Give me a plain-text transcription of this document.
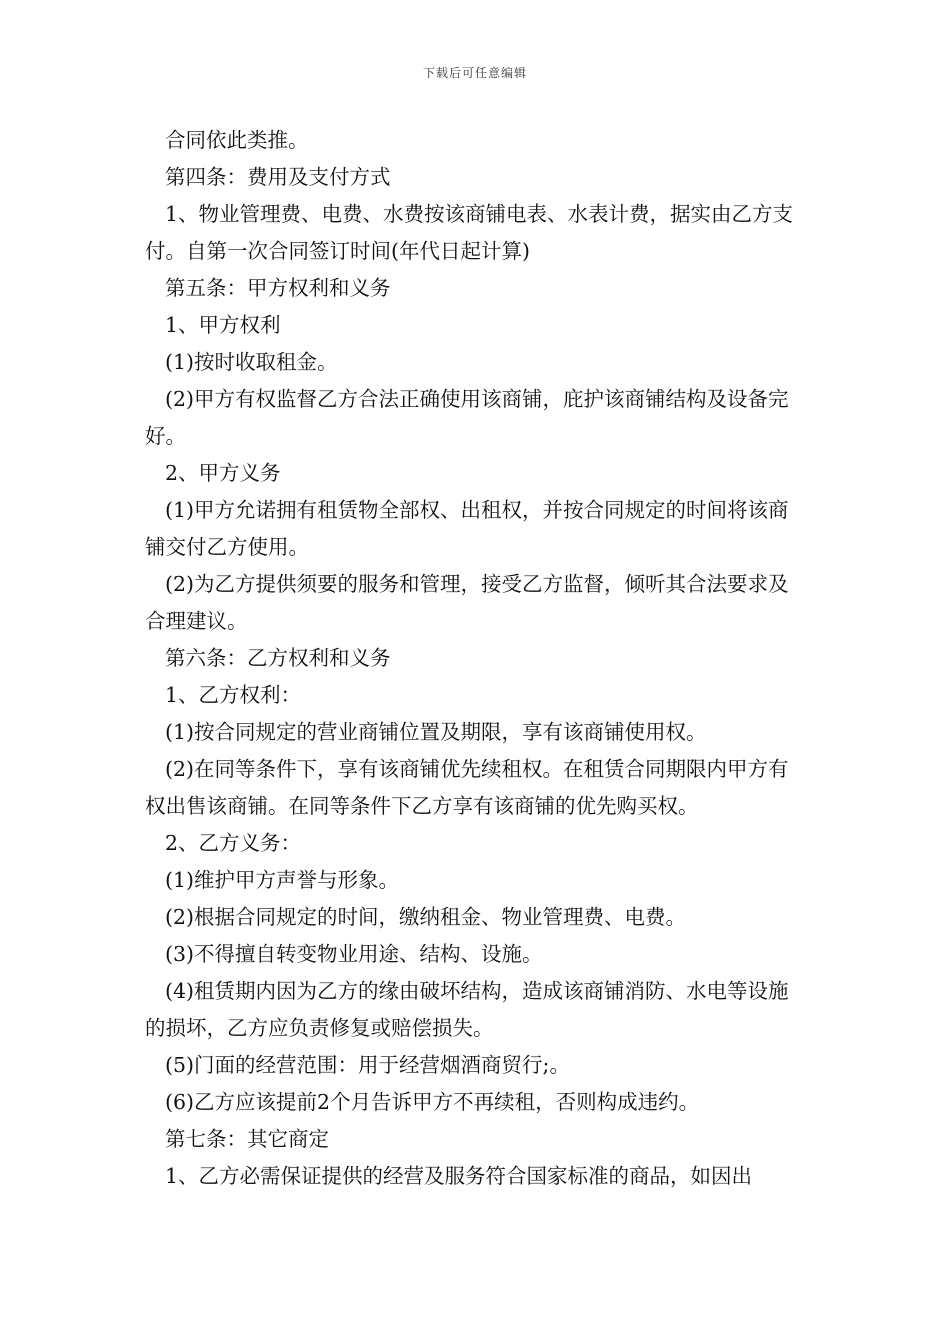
下载后可任意编辑

合同依此类推。

第四条：费用及支付方式

1、物业管理费、电费、水费按该商铺电表、水表计费，据实由乙方支付。自第一次合同签订时间(年代日起计算)

第五条：甲方权利和义务

1、甲方权利

(1)按时收取租金。

(2)甲方有权监督乙方合法正确使用该商铺，庇护该商铺结构及设备完好。

2、甲方义务

(1)甲方允诺拥有租赁物全部权、出租权，并按合同规定的时间将该商铺交付乙方使用。

(2)为乙方提供须要的服务和管理，接受乙方监督，倾听其合法要求及合理建议。

第六条：乙方权利和义务

1、乙方权利：

(1)按合同规定的营业商铺位置及期限，享有该商铺使用权。

(2)在同等条件下，享有该商铺优先续租权。在租赁合同期限内甲方有权出售该商铺。在同等条件下乙方享有该商铺的优先购买权。

2、乙方义务：

(1)维护甲方声誉与形象。

(2)根据合同规定的时间，缴纳租金、物业管理费、电费。

(3)不得擅自转变物业用途、结构、设施。

(4)租赁期内因为乙方的缘由破坏结构，造成该商铺消防、水电等设施的损坏，乙方应负责修复或赔偿损失。

(5)门面的经营范围：用于经营烟酒商贸行;。

(6)乙方应该提前2个月告诉甲方不再续租，否则构成违约。

第七条：其它商定

1、乙方必需保证提供的经营及服务符合国家标准的商品，如因出
